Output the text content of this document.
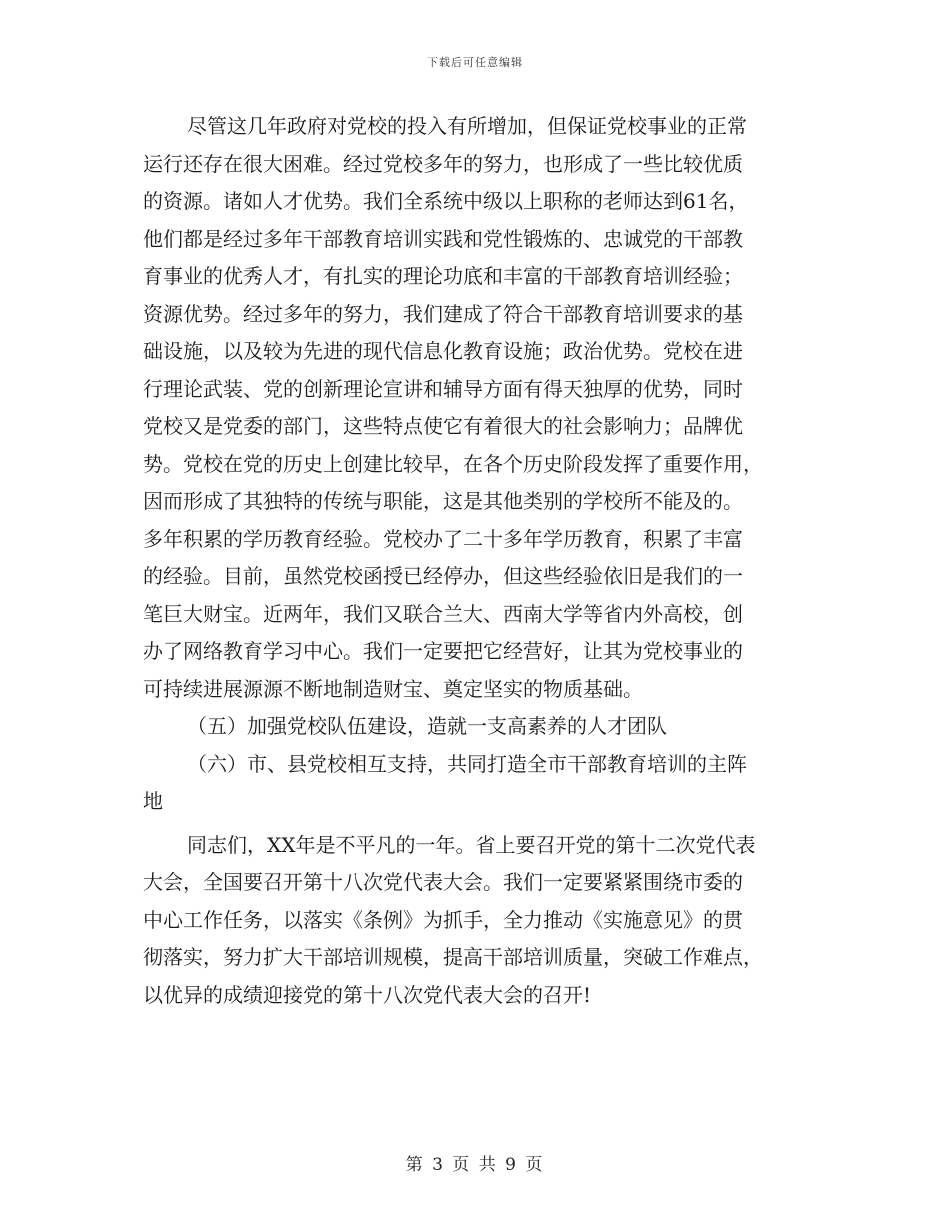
下载后可任意编辑
尽管这几年政府对党校的投入有所增加，但保证党校事业的正常
运行还存在很大困难。经过党校多年的努力，也形成了一些比较优质
的资源。诸如人才优势。我们全系统中级以上职称的老师达到61名，
他们都是经过多年干部教育培训实践和党性锻炼的、忠诚党的干部教
育事业的优秀人才，有扎实的理论功底和丰富的干部教育培训经验；
资源优势。经过多年的努力，我们建成了符合干部教育培训要求的基
础设施，以及较为先进的现代信息化教育设施；政治优势。党校在进
行理论武装、党的创新理论宣讲和辅导方面有得天独厚的优势，同时
党校又是党委的部门，这些特点使它有着很大的社会影响力；品牌优
势。党校在党的历史上创建比较早，在各个历史阶段发挥了重要作用，
因而形成了其独特的传统与职能，这是其他类别的学校所不能及的。
多年积累的学历教育经验。党校办了二十多年学历教育，积累了丰富
的经验。目前，虽然党校函授已经停办，但这些经验依旧是我们的一
笔巨大财宝。近两年，我们又联合兰大、西南大学等省内外高校，创
办了网络教育学习中心。我们一定要把它经营好，让其为党校事业的
可持续进展源源不断地制造财宝、奠定坚实的物质基础。
（五）加强党校队伍建设，造就一支高素养的人才团队
（六）市、县党校相互支持，共同打造全市干部教育培训的主阵
地
同志们，XX年是不平凡的一年。省上要召开党的第十二次党代表
大会，全国要召开第十八次党代表大会。我们一定要紧紧围绕市委的
中心工作任务，以落实《条例》为抓手，全力推动《实施意见》的贯
彻落实，努力扩大干部培训规模，提高干部培训质量，突破工作难点，
以优异的成绩迎接党的第十八次党代表大会的召开!
第 3 页 共 9 页
